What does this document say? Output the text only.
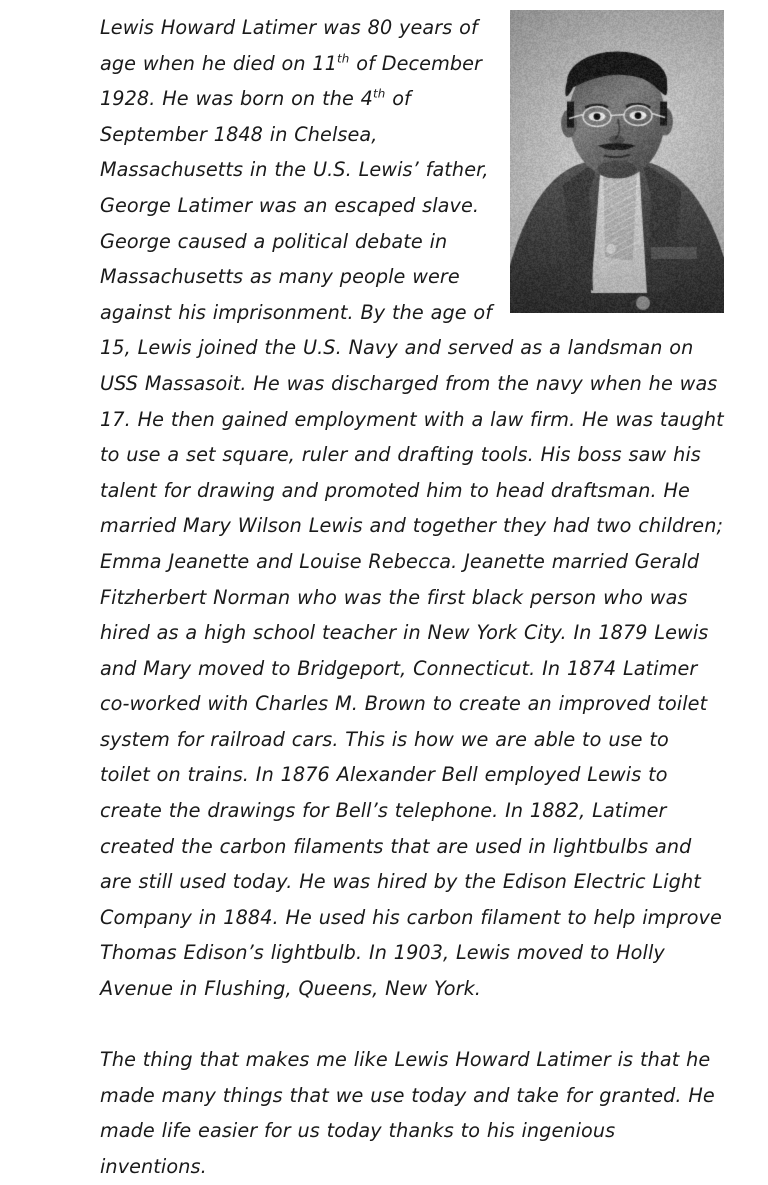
Lewis Howard Latimer was 80 years of age when he died on 11th of December 1928. He was born on the 4th of September 1848 in Chelsea, Massachusetts in the U.S. Lewis’ father, George Latimer was an escaped slave. George caused a political debate in Massachusetts as many people were against his imprisonment. By the age of 15, Lewis joined the U.S. Navy and served as a landsman on USS Massasoit. He was discharged from the navy when he was 17. He then gained employment with a law firm. He was taught to use a set square, ruler and drafting tools. His boss saw his talent for drawing and promoted him to head draftsman. He married Mary Wilson Lewis and together they had two children; Emma Jeanette and Louise Rebecca. Jeanette married Gerald Fitzherbert Norman who was the first black person who was hired as a high school teacher in New York City. In 1879 Lewis and Mary moved to Bridgeport, Connecticut. In 1874 Latimer co-worked with Charles M. Brown to create an improved toilet system for railroad cars. This is how we are able to use to toilet on trains. In 1876 Alexander Bell employed Lewis to create the drawings for Bell’s telephone. In 1882, Latimer created the carbon filaments that are used in lightbulbs and are still used today. He was hired by the Edison Electric Light Company in 1884. He used his carbon filament to help improve Thomas Edison’s lightbulb. In 1903, Lewis moved to Holly Avenue in Flushing, Queens, New York.

The thing that makes me like Lewis Howard Latimer is that he made many things that we use today and take for granted. He made life easier for us today thanks to his ingenious inventions.
